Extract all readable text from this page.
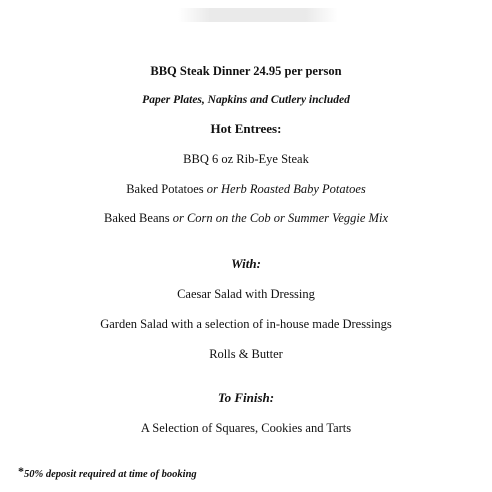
BBQ Steak Dinner 24.95 per person
Paper Plates, Napkins and Cutlery included
Hot Entrees:
BBQ 6 oz Rib-Eye Steak
Baked Potatoes or Herb Roasted Baby Potatoes
Baked Beans or Corn on the Cob or Summer Veggie Mix
With:
Caesar Salad with Dressing
Garden Salad with a selection of in-house made Dressings
Rolls & Butter
To Finish:
A Selection of Squares, Cookies and Tarts
*50% deposit required at time of booking
